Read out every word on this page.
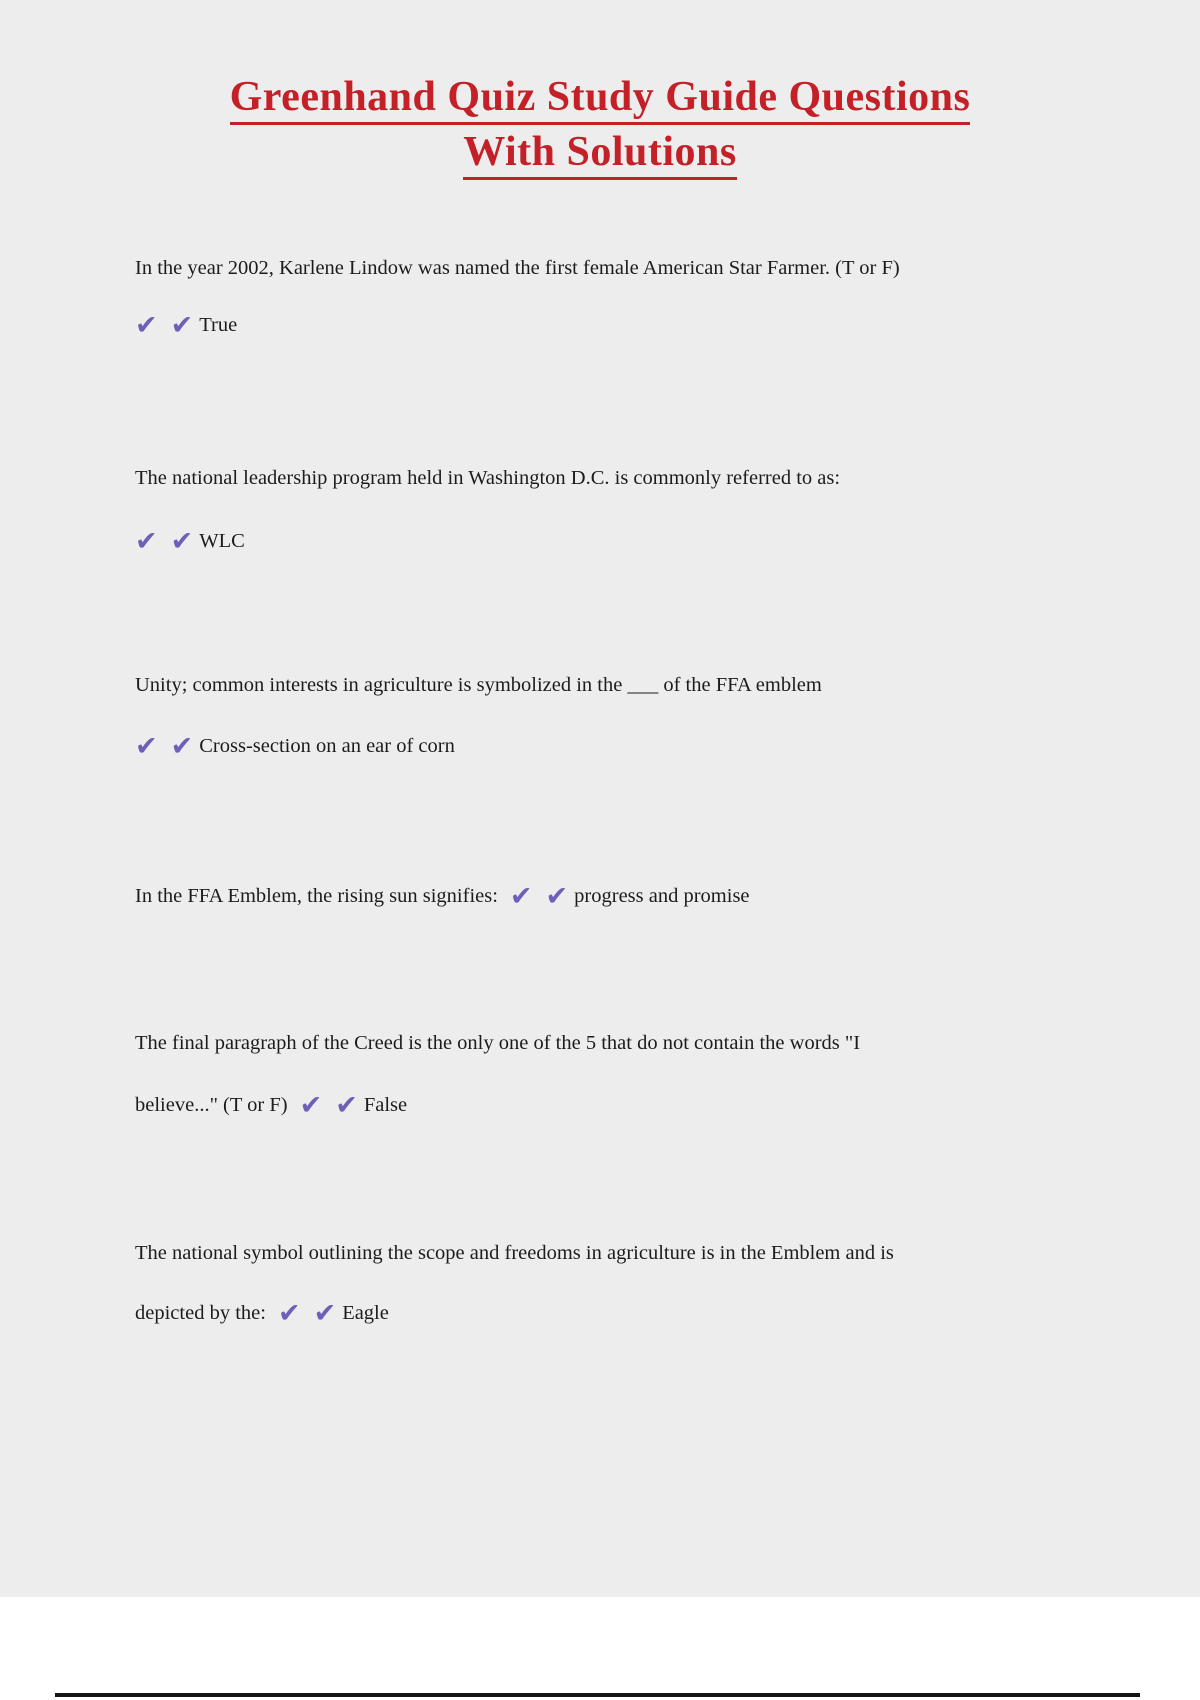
Greenhand Quiz Study Guide Questions
With Solutions
In the year 2002, Karlene Lindow was named the first female American Star Farmer. (T or F)
✔ ✔ True
The national leadership program held in Washington D.C. is commonly referred to as:
✔ ✔ WLC
Unity; common interests in agriculture is symbolized in the ___ of the FFA emblem
✔ ✔ Cross-section on an ear of corn
In the FFA Emblem, the rising sun signifies: ✔ ✔ progress and promise
The final paragraph of the Creed is the only one of the 5 that do not contain the words "I
believe..." (T or F) ✔ ✔ False
The national symbol outlining the scope and freedoms in agriculture is in the Emblem and is
depicted by the: ✔ ✔ Eagle
